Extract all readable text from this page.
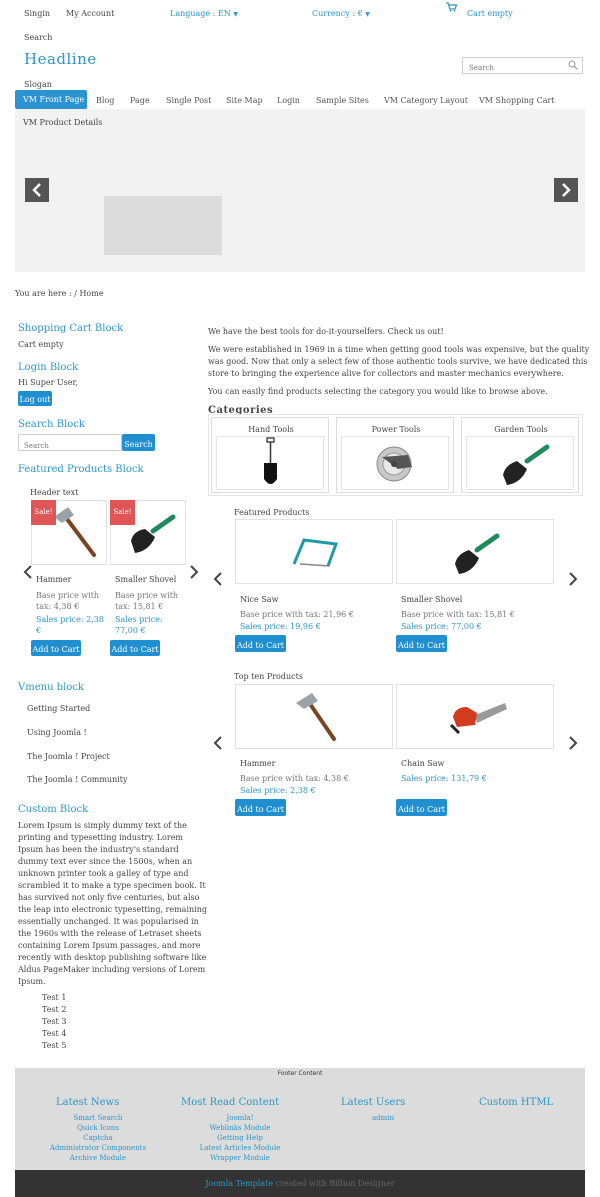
Singin My Account	Language : EN ▼	Currency : € ▼	Cart empty
Search
Headline
Slogan
Search
VM Front Page Blog Page Single Post Site Map Login Sample Sites VM Category Layout VM Shopping Cart
VM Product Details
You are here : / Home
Shopping Cart Block
Cart empty
Login Block
Hi Super User,
Log out
Search Block
Search	Search
Featured Products Block
Header text
Sale!
Hammer
Base price with
tax: 4,38 €
Sales price: 2,38
€
Add to Cart
Sale!
Smaller Shovel
Base price with
tax: 15,81 €
Sales price:
77,00 €
Add to Cart
Vmenu block
Getting Started
Using Joomla !
The Joomla ! Project
The Joomla ! Community
Custom Block
Lorem Ipsum is simply dummy text of the printing and typesetting industry. Lorem Ipsum has been the industry's standard dummy text ever since the 1500s, when an unknown printer took a galley of type and scrambled it to make a type specimen book. It has survived not only five centuries, but also the leap into electronic typesetting, remaining essentially unchanged. It was popularised in the 1960s with the release of Letraset sheets containing Lorem Ipsum passages, and more recently with desktop publishing software like Aldus PageMaker including versions of Lorem Ipsum.
Test 1
Test 2
Test 3
Test 4
Test 5
We have the best tools for do-it-yourselfers. Check us out!
We were established in 1969 in a time when getting good tools was expensive, but the quality
was good. Now that only a select few of those authentic tools survive, we have dedicated this
store to bringing the experience alive for collectors and master mechanics everywhere.
You can easily find products selecting the category you would like to browse above.
Categories
Hand Tools	Power Tools	Garden Tools
Featured Products
Nice Saw
Base price with tax: 21,96 €
Sales price: 19,96 €
Add to Cart
Smaller Shovel
Base price with tax: 15,81 €
Sales price: 77,00 €
Add to Cart
Top ten Products
Hammer
Base price with tax: 4,38 €
Sales price: 2,38 €
Add to Cart
Chain Saw
Sales price: 131,79 €
Add to Cart
Footer Content
Latest News
Smart Search
Quick Icons
Captcha
Administrator Components
Archive Module
Most Read Content
Joomla!
Weblinks Module
Getting Help
Latest Articles Module
Wrapper Module
Latest Users
admin
Custom HTML
Joomla Template created with Billion Designer
